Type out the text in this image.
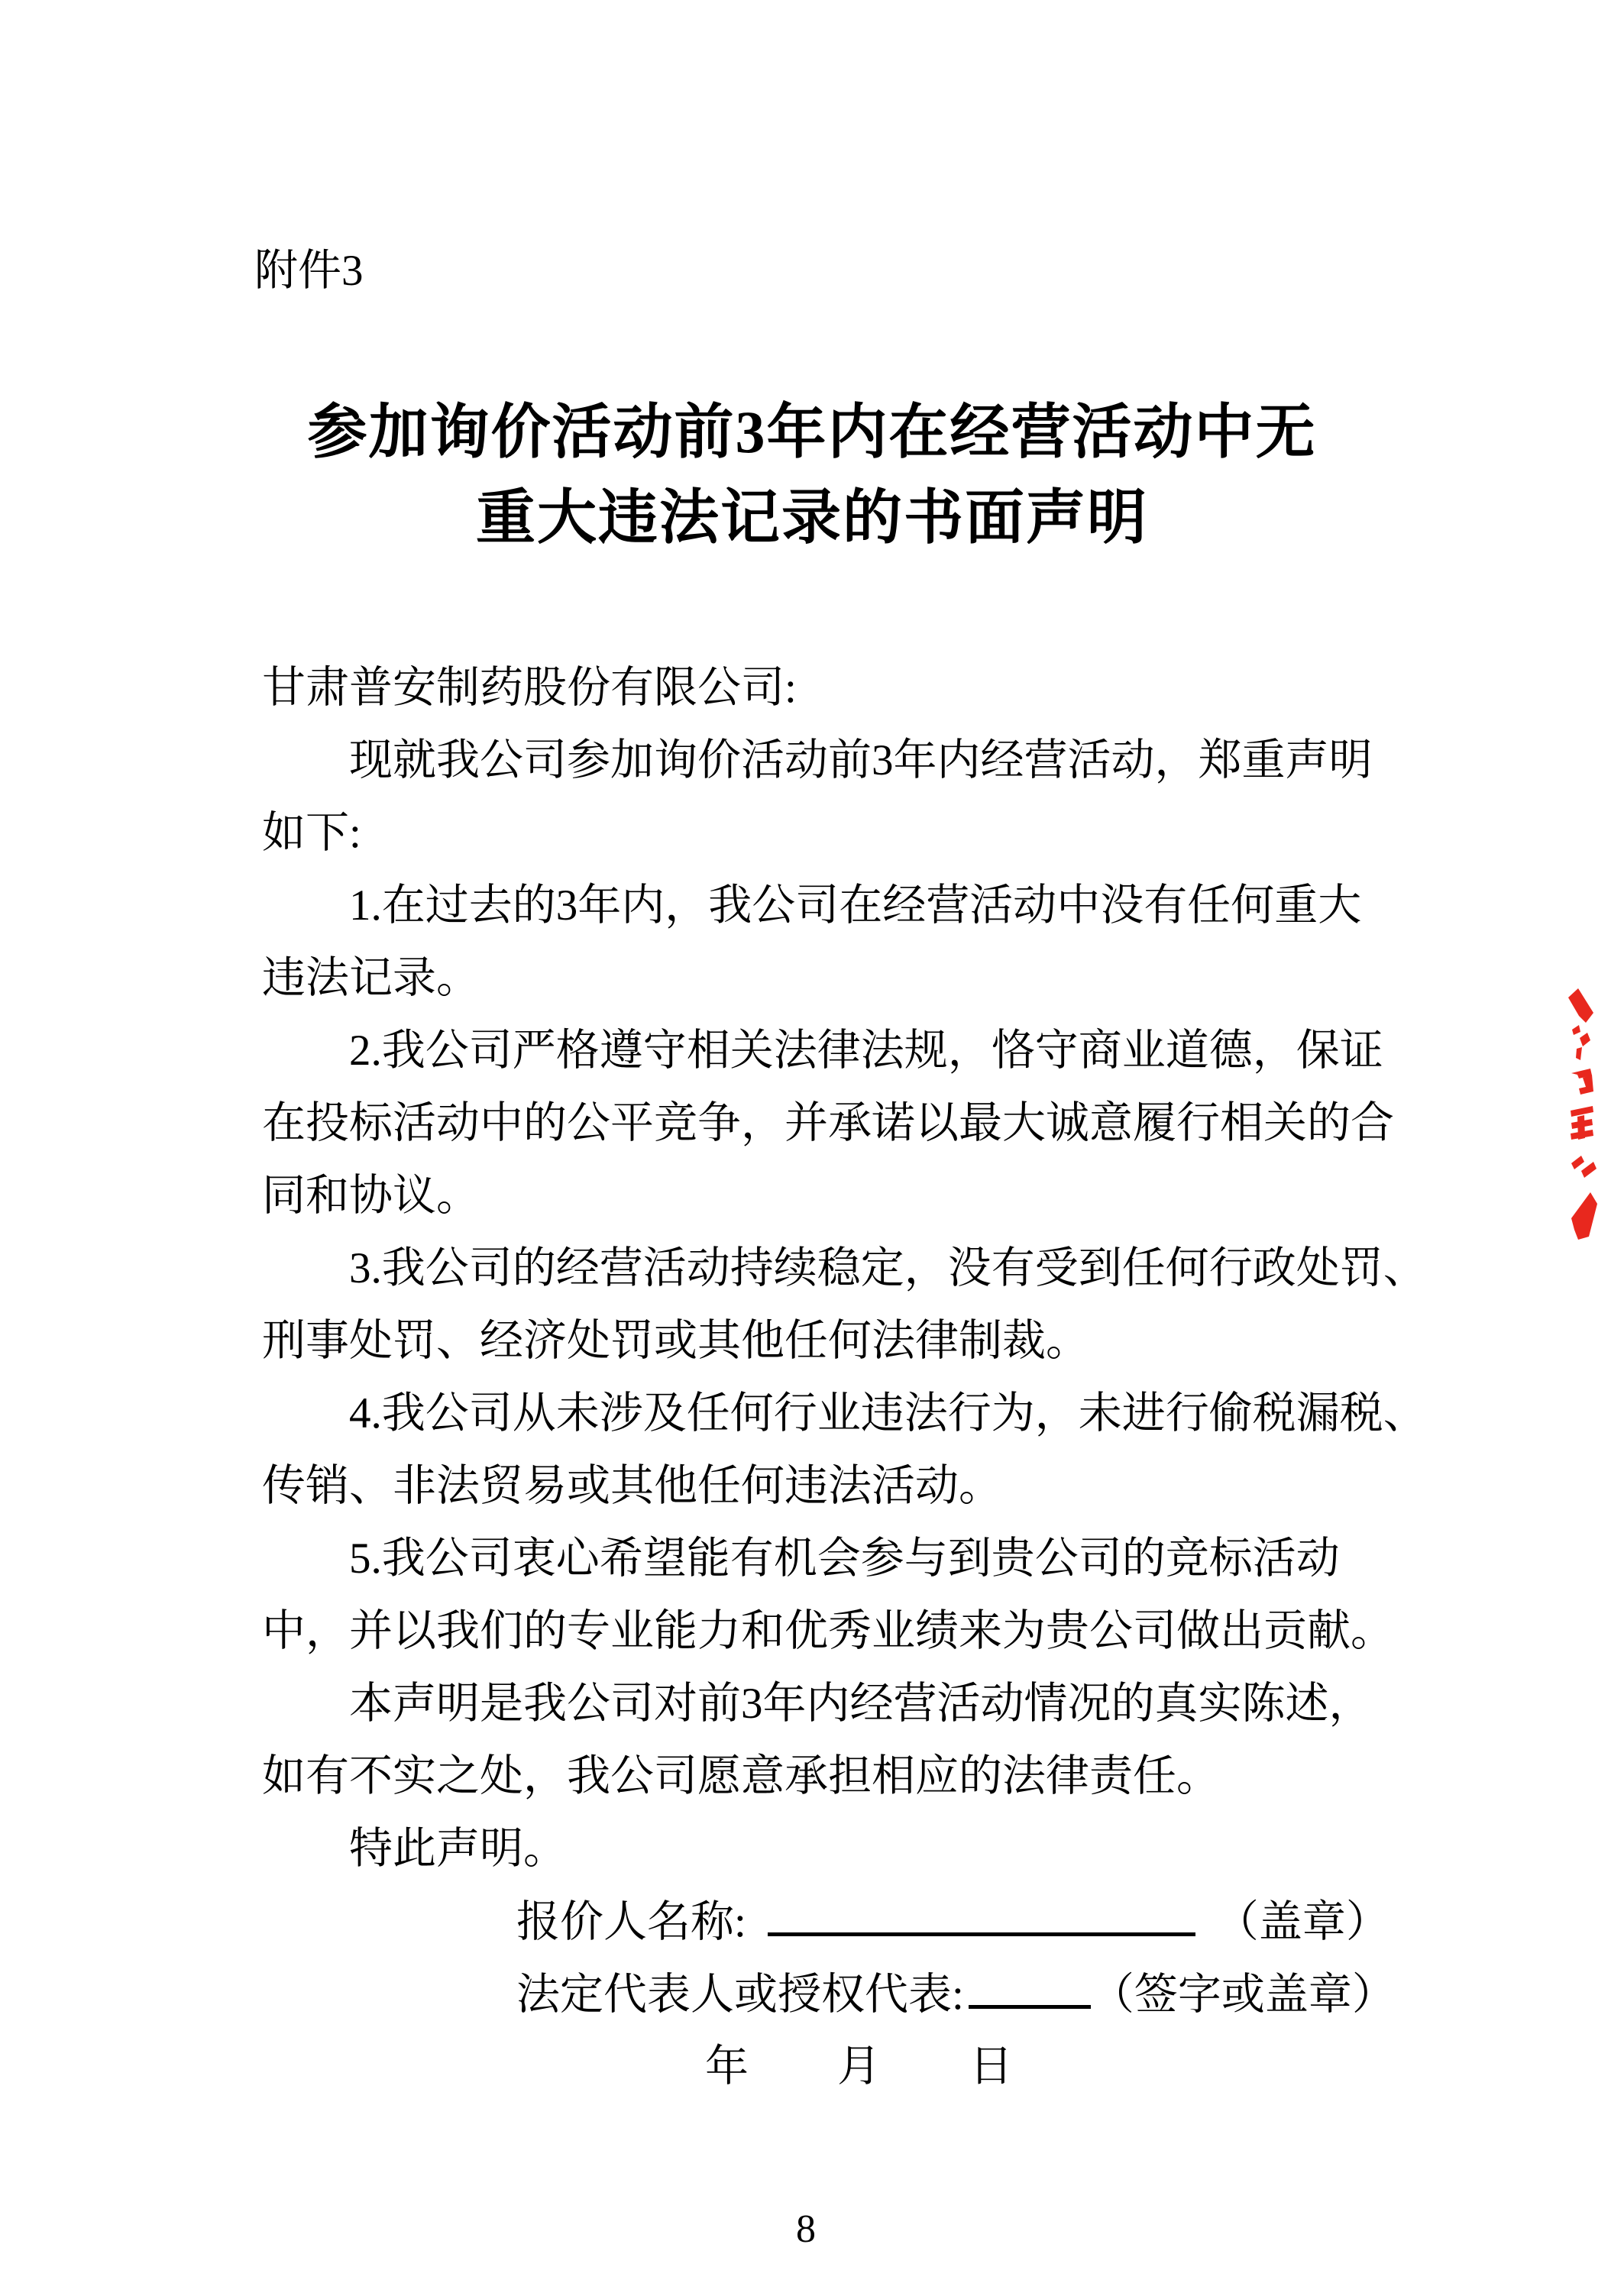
附件3
参加询价活动前3年内在经营活动中无
重大违法记录的书面声明
甘肃普安制药股份有限公司:
现就我公司参加询价活动前3年内经营活动，郑重声明
如下:
1.在过去的3年内，我公司在经营活动中没有任何重大
违法记录。
2.我公司严格遵守相关法律法规，恪守商业道德，保证
在投标活动中的公平竞争，并承诺以最大诚意履行相关的合
同和协议。
3.我公司的经营活动持续稳定，没有受到任何行政处罚、
刑事处罚、经济处罚或其他任何法律制裁。
4.我公司从未涉及任何行业违法行为，未进行偷税漏税、
传销、非法贸易或其他任何违法活动。
5.我公司衷心希望能有机会参与到贵公司的竞标活动
中，并以我们的专业能力和优秀业绩来为贵公司做出贡献。
本声明是我公司对前3年内经营活动情况的真实陈述，
如有不实之处，我公司愿意承担相应的法律责任。
特此声明。
报价人名称:	（盖章）
法定代表人或授权代表:	（签字或盖章）
年 月 日
8
